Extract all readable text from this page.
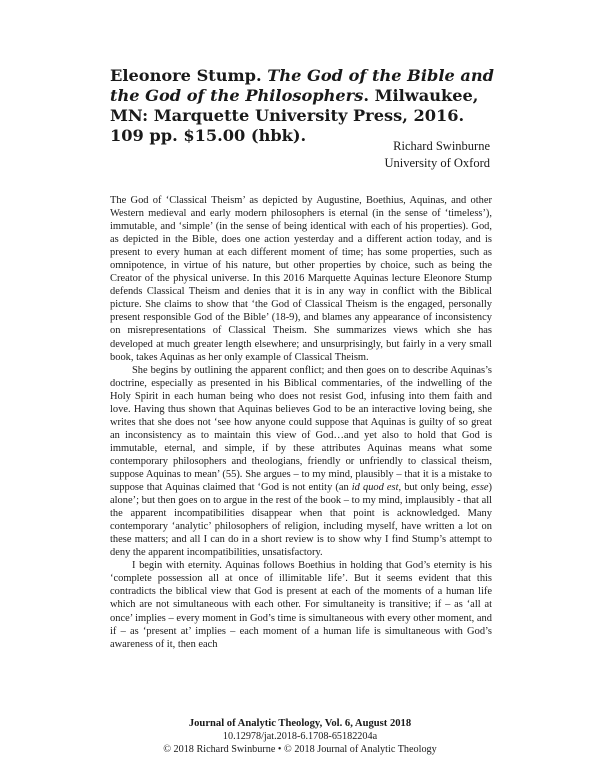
Eleonore Stump. The God of the Bible and the God of the Philosophers. Milwaukee, MN: Marquette University Press, 2016. 109 pp. $15.00 (hbk).
Richard Swinburne
University of Oxford

The God of ‘Classical Theism’ as depicted by Augustine, Boethius, Aquinas, and other Western medieval and early modern philosophers is eternal (in the sense of ‘timeless’), immutable, and ‘simple’ (in the sense of being identical with each of his properties). God, as depicted in the Bible, does one action yesterday and a different action today, and is present to every human at each different moment of time; has some properties, such as omnipotence, in virtue of his nature, but other properties by choice, such as being the Creator of the physical universe. In this 2016 Marquette Aquinas lecture Eleonore Stump defends Classical Theism and denies that it is in any way in conflict with the Biblical picture. She claims to show that ‘the God of Classical Theism is the engaged, personally present responsible God of the Bible’ (18-9), and blames any appearance of inconsistency on misrepresentations of Classical Theism. She summarizes views which she has developed at much greater length elsewhere; and unsurprisingly, but fairly in a very small book, takes Aquinas as her only example of Classical Theism.

She begins by outlining the apparent conflict; and then goes on to describe Aquinas’s doctrine, especially as presented in his Biblical commentaries, of the indwelling of the Holy Spirit in each human being who does not resist God, infusing into them faith and love. Having thus shown that Aquinas believes God to be an interactive loving being, she writes that she does not ‘see how anyone could suppose that Aquinas is guilty of so great an inconsistency as to maintain this view of God…and yet also to hold that God is immutable, eternal, and simple, if by these attributes Aquinas means what some contemporary philosophers and theologians, friendly or unfriendly to classical theism, suppose Aquinas to mean’ (55). She argues – to my mind, plausibly – that it is a mistake to suppose that Aquinas claimed that ‘God is not entity (an id quod est, but only being, esse) alone’; but then goes on to argue in the rest of the book – to my mind, implausibly - that all the apparent incompatibilities disappear when that point is acknowledged. Many contemporary ‘analytic’ philosophers of religion, including myself, have written a lot on these matters; and all I can do in a short review is to show why I find Stump’s attempt to deny the apparent incompatibilities, unsatisfactory.

I begin with eternity. Aquinas follows Boethius in holding that God’s eternity is his ‘complete possession all at once of illimitable life’. But it seems evident that this contradicts the biblical view that God is present at each of the moments of a human life which are not simultaneous with each other. For simultaneity is transitive; if – as ‘all at once’ implies – every moment in God’s time is simultaneous with every other moment, and if – as ‘present at’ implies – each moment of a human life is simultaneous with God’s awareness of it, then each

Journal of Analytic Theology, Vol. 6, August 2018
10.12978/jat.2018-6.1708-65182204a
© 2018 Richard Swinburne • © 2018 Journal of Analytic Theology
